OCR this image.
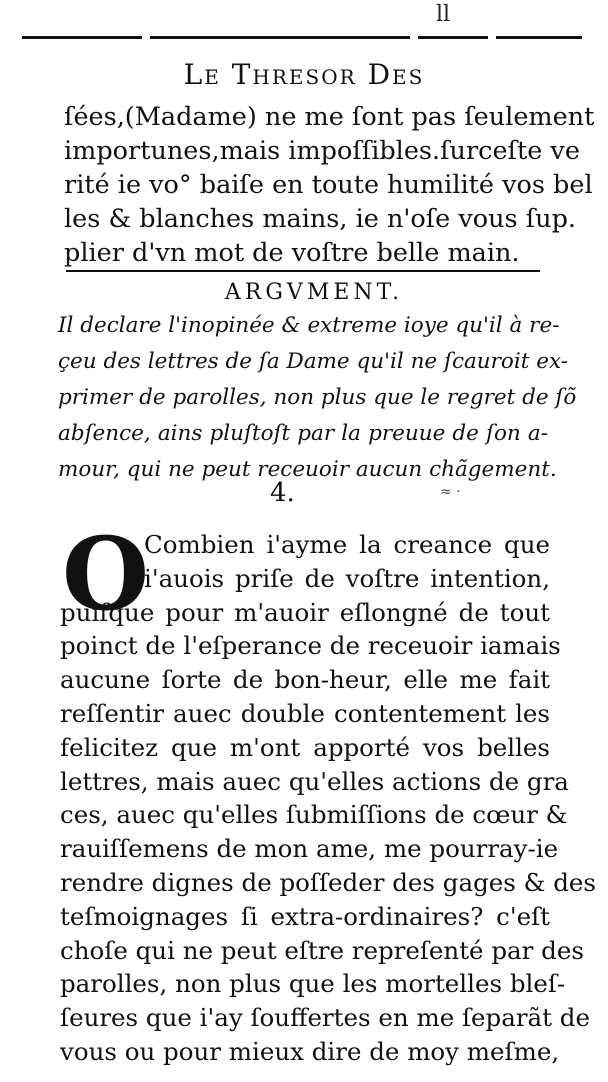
ll
Le Thresor Des
ſées,(Madame) ne me ſont pas ſeulement
importunes,mais impoſſibles.ſurceſte ve
rité ie vo° baiſe en toute humilité vos bel
les & blanches mains, ie n'oſe vous ſup.
plier d'vn mot de voſtre belle main.
ARGVMENT.
Il declare l'inopinée & extreme ioye qu'il à re-
çeu des lettres de ſa Dame qu'il ne ſcauroit ex-
primer de parolles, non plus que le regret de ſõ
abſence, ains pluſtoſt par la preuue de ſon a-
mour, qui ne peut receuoir aucun chãgement.
4.	≈ ·
O
Combien i'ayme la creance que
i'auois priſe de voſtre intention,
puiſque pour m'auoir eſlongné de tout
poinct de l'eſperance de receuoir iamais
aucune ſorte de bon-heur, elle me fait
reſſentir auec double contentement les
felicitez que m'ont apporté vos belles
lettres, mais auec qu'elles actions de gra
ces, auec qu'elles ſubmiſſions de cœur &
rauiſſemens de mon ame, me pourray-ie
rendre dignes de poſſeder des gages & des
teſmoignages ſi extra-ordinaires? c'eſt
choſe qui ne peut eſtre repreſenté par des
parolles, non plus que les mortelles bleſ-
ſeures que i'ay ſouffertes en me ſeparãt de
vous ou pour mieux dire de moy meſme,
